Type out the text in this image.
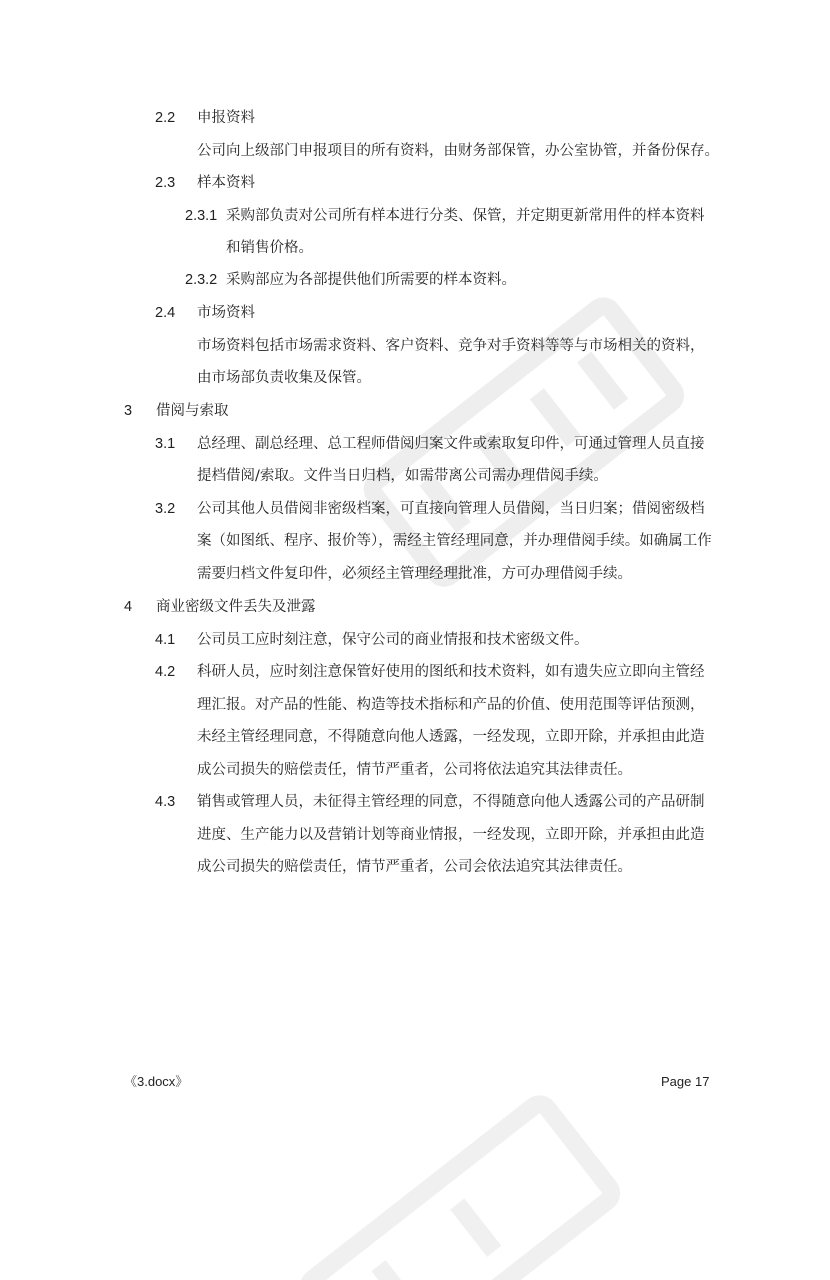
2.2 申报资料
公司向上级部门申报项目的所有资料，由财务部保管，办公室协管，并备份保存。
2.3 样本资料
2.3.1 采购部负责对公司所有样本进行分类、保管，并定期更新常用件的样本资料
和销售价格。
2.3.2 采购部应为各部提供他们所需要的样本资料。
2.4 市场资料
市场资料包括市场需求资料、客户资料、竞争对手资料等等与市场相关的资料，
由市场部负责收集及保管。
3 借阅与索取
3.1 总经理、副总经理、总工程师借阅归案文件或索取复印件，可通过管理人员直接
提档借阅/索取。文件当日归档，如需带离公司需办理借阅手续。
3.2 公司其他人员借阅非密级档案，可直接向管理人员借阅，当日归案；借阅密级档
案（如图纸、程序、报价等），需经主管经理同意，并办理借阅手续。如确属工作
需要归档文件复印件，必须经主管理经理批准，方可办理借阅手续。
4 商业密级文件丢失及泄露
4.1 公司员工应时刻注意，保守公司的商业情报和技术密级文件。
4.2 科研人员，应时刻注意保管好使用的图纸和技术资料，如有遗失应立即向主管经
理汇报。对产品的性能、构造等技术指标和产品的价值、使用范围等评估预测，
未经主管经理同意，不得随意向他人透露，一经发现，立即开除，并承担由此造
成公司损失的赔偿责任，情节严重者，公司将依法追究其法律责任。
4.3 销售或管理人员，未征得主管经理的同意，不得随意向他人透露公司的产品研制
进度、生产能力以及营销计划等商业情报，一经发现，立即开除，并承担由此造
成公司损失的赔偿责任，情节严重者，公司会依法追究其法律责任。
《3.docx》	Page 17
